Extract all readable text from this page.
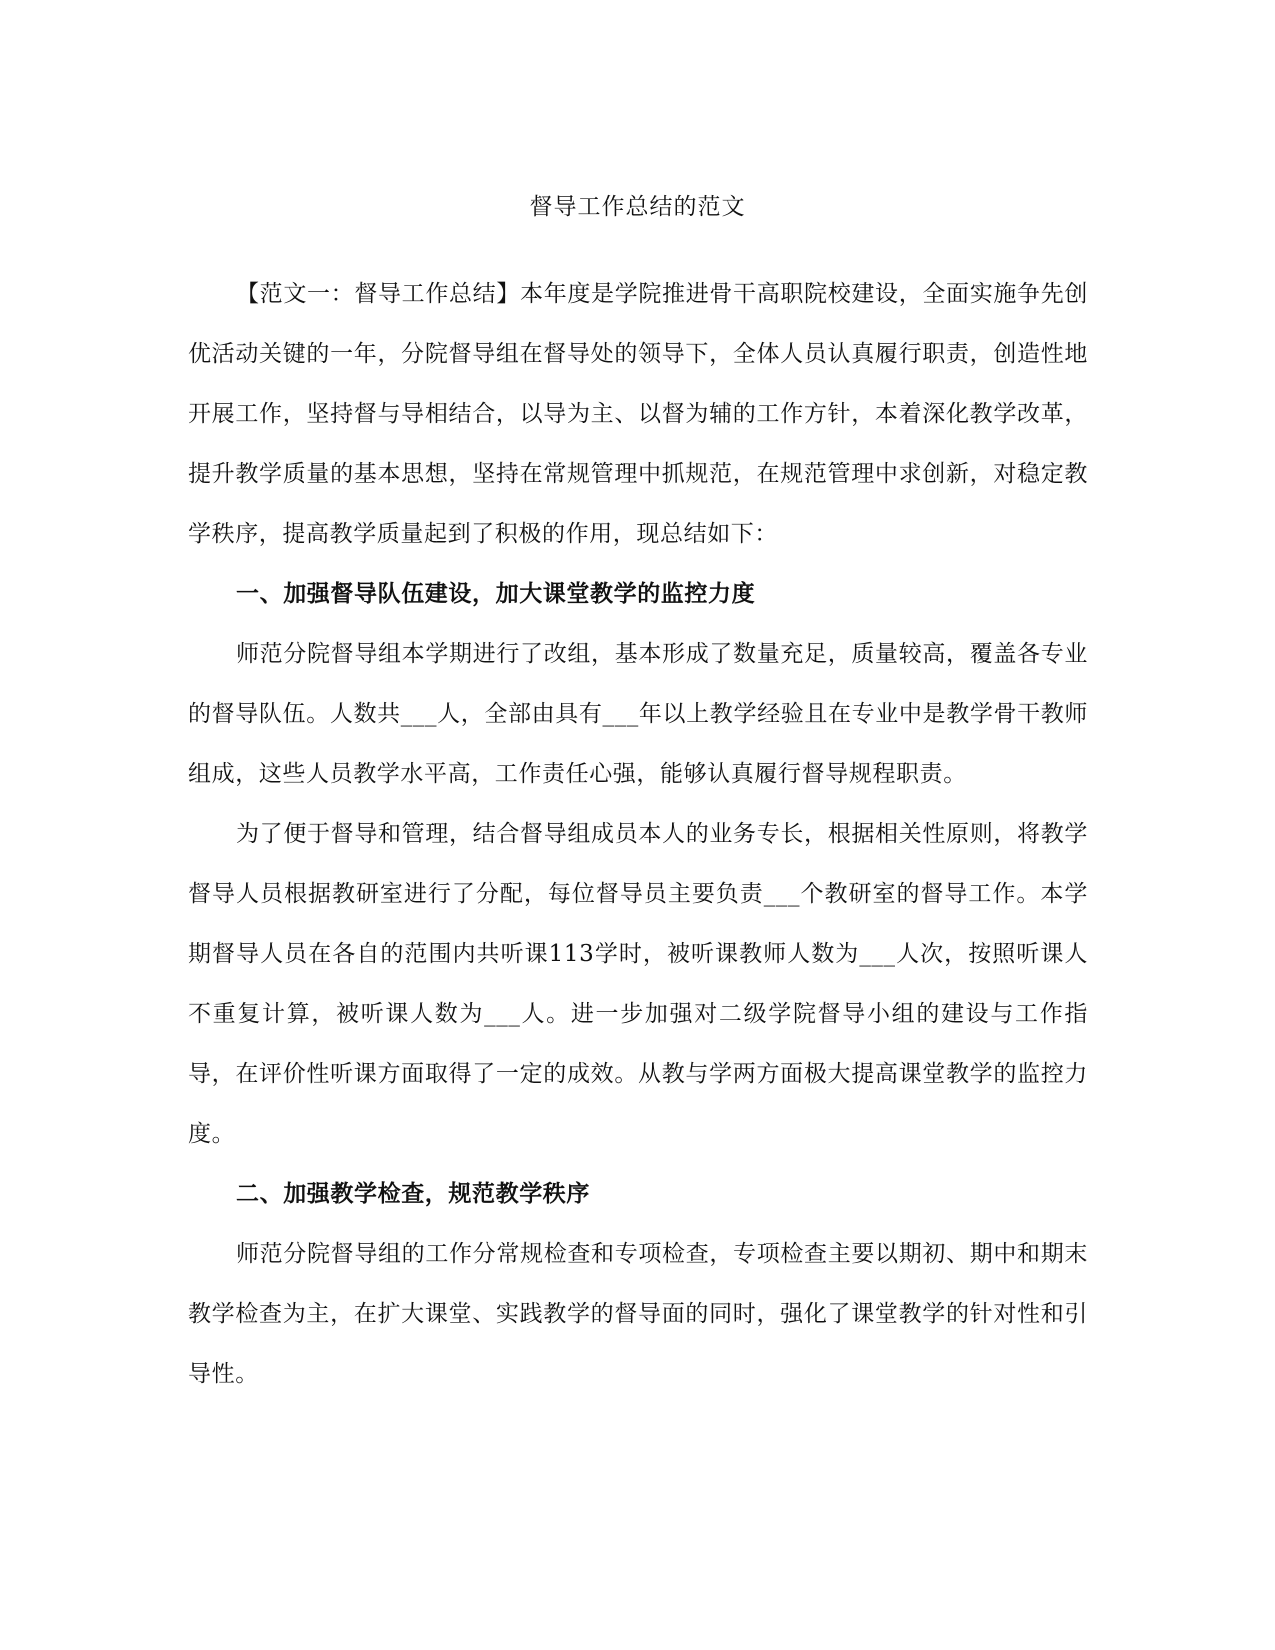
督导工作总结的范文

【范文一：督导工作总结】本年度是学院推进骨干高职院校建设，全面实施争先创优活动关键的一年，分院督导组在督导处的领导下，全体人员认真履行职责，创造性地开展工作，坚持督与导相结合，以导为主、以督为辅的工作方针，本着深化教学改革，提升教学质量的基本思想，坚持在常规管理中抓规范，在规范管理中求创新，对稳定教学秩序，提高教学质量起到了积极的作用，现总结如下：

一、加强督导队伍建设，加大课堂教学的监控力度

师范分院督导组本学期进行了改组，基本形成了数量充足，质量较高，覆盖各专业的督导队伍。人数共___人，全部由具有___年以上教学经验且在专业中是教学骨干教师组成，这些人员教学水平高，工作责任心强，能够认真履行督导规程职责。

为了便于督导和管理，结合督导组成员本人的业务专长，根据相关性原则，将教学督导人员根据教研室进行了分配，每位督导员主要负责___个教研室的督导工作。本学期督导人员在各自的范围内共听课113学时，被听课教师人数为___人次，按照听课人不重复计算，被听课人数为___人。进一步加强对二级学院督导小组的建设与工作指导，在评价性听课方面取得了一定的成效。从教与学两方面极大提高课堂教学的监控力度。

二、加强教学检查，规范教学秩序

师范分院督导组的工作分常规检查和专项检查，专项检查主要以期初、期中和期末教学检查为主，在扩大课堂、实践教学的督导面的同时，强化了课堂教学的针对性和引导性。
